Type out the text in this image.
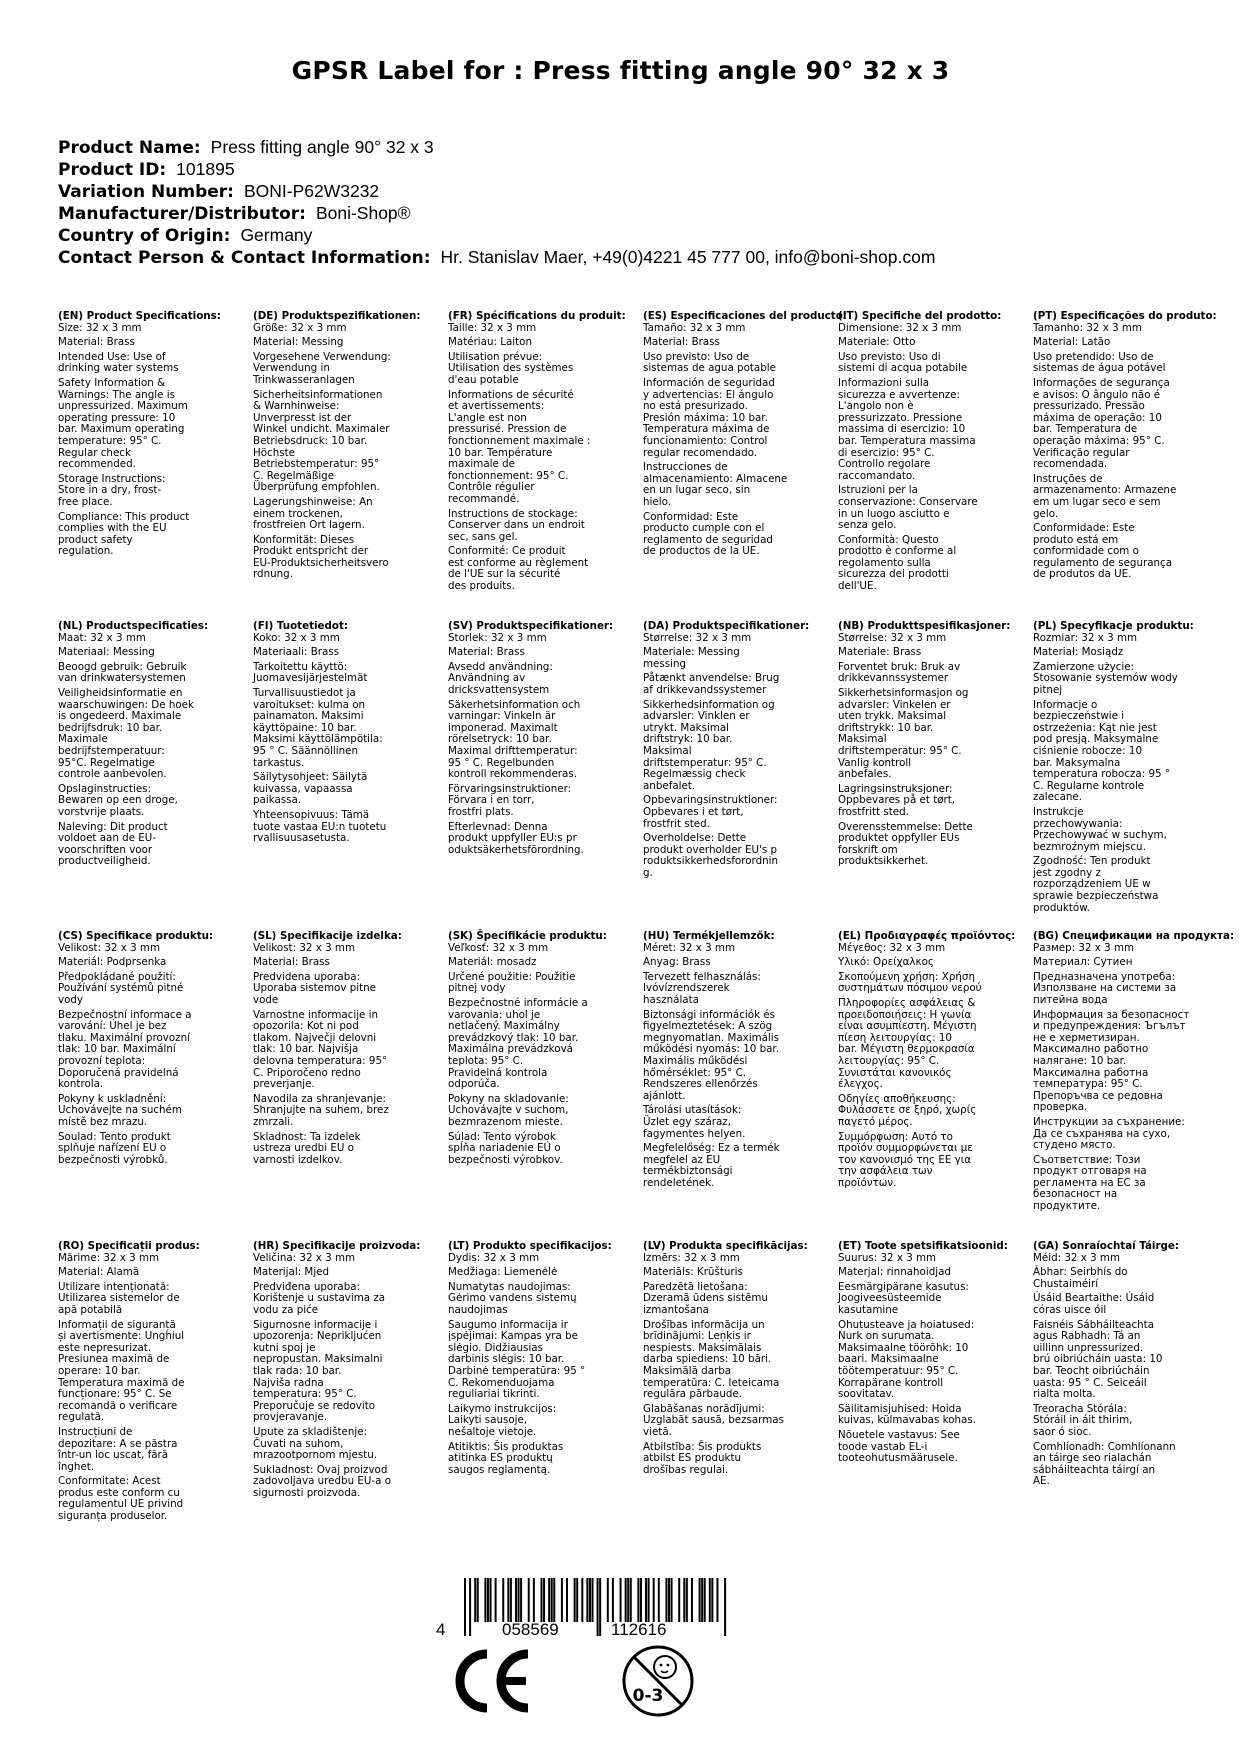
GPSR Label for : Press fitting angle 90° 32 x 3
Product Name: Press fitting angle 90° 32 x 3
Product ID: 101895
Variation Number: BONI-P62W3232
Manufacturer/Distributor: Boni-Shop®
Country of Origin: Germany
Contact Person & Contact Information: Hr. Stanislav Maer, +49(0)4221 45 777 00, info@boni-shop.com
(EN) Product Specifications:
Size: 32 x 3 mm
Material: Brass
Intended Use: Use of
drinking water systems
Safety Information &
Warnings: The angle is
unpressurized. Maximum
operating pressure: 10
bar. Maximum operating
temperature: 95° C.
Regular check
recommended.
Storage Instructions:
Store in a dry, frost-
free place.
Compliance: This product
complies with the EU
product safety
regulation.
(DE) Produktspezifikationen:
Größe: 32 x 3 mm
Material: Messing
Vorgesehene Verwendung:
Verwendung in
Trinkwasseranlagen
Sicherheitsinformationen
& Warnhinweise:
Unverpresst ist der
Winkel undicht. Maximaler
Betriebsdruck: 10 bar.
Höchste
Betriebstemperatur: 95°
C. Regelmäßige
Überprüfung empfohlen.
Lagerungshinweise: An
einem trockenen,
frostfreien Ort lagern.
Konformität: Dieses
Produkt entspricht der
EU-Produktsicherheitsvero
rdnung.
(FR) Spécifications du produit:
Taille: 32 x 3 mm
Matériau: Laiton
Utilisation prévue:
Utilisation des systèmes
d'eau potable
Informations de sécurité
et avertissements:
L'angle est non
pressurisé. Pression de
fonctionnement maximale :
10 bar. Température
maximale de
fonctionnement: 95° C.
Contrôle régulier
recommandé.
Instructions de stockage:
Conserver dans un endroit
sec, sans gel.
Conformité: Ce produit
est conforme au règlement
de l'UE sur la sécurité
des produits.
(ES) Especificaciones del producto:
Tamaño: 32 x 3 mm
Material: Brass
Uso previsto: Uso de
sistemas de agua potable
Información de seguridad
y advertencias: El ángulo
no está presurizado.
Presión máxima: 10 bar.
Temperatura máxima de
funcionamiento: Control
regular recomendado.
Instrucciones de
almacenamiento: Almacene
en un lugar seco, sin
hielo.
Conformidad: Este
producto cumple con el
reglamento de seguridad
de productos de la UE.
(IT) Specifiche del prodotto:
Dimensione: 32 x 3 mm
Materiale: Otto
Uso previsto: Uso di
sistemi di acqua potabile
Informazioni sulla
sicurezza e avvertenze:
L'angolo non è
pressurizzato. Pressione
massima di esercizio: 10
bar. Temperatura massima
di esercizio: 95° C.
Controllo regolare
raccomandato.
Istruzioni per la
conservazione: Conservare
in un luogo asciutto e
senza gelo.
Conformità: Questo
prodotto è conforme al
regolamento sulla
sicurezza dei prodotti
dell'UE.
(PT) Especificações do produto:
Tamanho: 32 x 3 mm
Material: Latão
Uso pretendido: Uso de
sistemas de água potável
Informações de segurança
e avisos: O ângulo não é
pressurizado. Pressão
máxima de operação: 10
bar. Temperatura de
operação máxima: 95° C.
Verificação regular
recomendada.
Instruções de
armazenamento: Armazene
em um lugar seco e sem
gelo.
Conformidade: Este
produto está em
conformidade com o
regulamento de segurança
de produtos da UE.
(NL) Productspecificaties:
Maat: 32 x 3 mm
Materiaal: Messing
Beoogd gebruik: Gebruik
van drinkwatersystemen
Veiligheidsinformatie en
waarschuwingen: De hoek
is ongedeerd. Maximale
bedrijfsdruk: 10 bar.
Maximale
bedrijfstemperatuur:
95°C. Regelmatige
controle aanbevolen.
Opslaginstructies:
Bewaren op een droge,
vorstvrije plaats.
Naleving: Dit product
voldoet aan de EU-
voorschriften voor
productveiligheid.
(FI) Tuotetiedot:
Koko: 32 x 3 mm
Materiaali: Brass
Tarkoitettu käyttö:
Juomavesijärjestelmät
Turvallisuustiedot ja
varoitukset: kulma on
painamaton. Maksimi
käyttöpaine: 10 bar.
Maksimi käyttölämpötila:
95 ° C. Säännöllinen
tarkastus.
Säilytysohjeet: Säilytä
kuivassa, vapaassa
paikassa.
Yhteensopivuus: Tämä
tuote vastaa EU:n tuotetu
rvallisuusasetusta.
(SV) Produktspecifikationer:
Storlek: 32 x 3 mm
Material: Brass
Avsedd användning:
Användning av
dricksvattensystem
Säkerhetsinformation och
varningar: Vinkeln är
imponerad. Maximalt
rörelsetryck: 10 bar.
Maximal drifttemperatur:
95 ° C. Regelbunden
kontroll rekommenderas.
Förvaringsinstruktioner:
Förvara i en torr,
frostfri plats.
Efterlevnad: Denna
produkt uppfyller EU:s pr
oduktsäkerhetsförordning.
(DA) Produktspecifikationer:
Størrelse: 32 x 3 mm
Materiale: Messing
messing
Påtænkt anvendelse: Brug
af drikkevandssystemer
Sikkerhedsinformation og
advarsler: Vinklen er
utrykt. Maksimal
driftstryk: 10 bar.
Maksimal
driftstemperatur: 95° C.
Regelmæssig check
anbefalet.
Opbevaringsinstruktioner:
Opbevares i et tørt,
frostfrit sted.
Overholdelse: Dette
produkt overholder EU's p
roduktsikkerhedsforordnin
g.
(NB) Produkttspesifikasjoner:
Størrelse: 32 x 3 mm
Materiale: Brass
Forventet bruk: Bruk av
drikkevannssystemer
Sikkerhetsinformasjon og
advarsler: Vinkelen er
uten trykk. Maksimal
driftstrykk: 10 bar.
Maksimal
driftstemperatur: 95° C.
Vanlig kontroll
anbefales.
Lagringsinstruksjoner:
Oppbevares på et tørt,
frostfritt sted.
Overensstemmelse: Dette
produktet oppfyller EUs
forskrift om
produktsikkerhet.
(PL) Specyfikacje produktu:
Rozmiar: 32 x 3 mm
Materiał: Mosiądz
Zamierzone użycie:
Stosowanie systemów wody
pitnej
Informacje o
bezpieczeństwie i
ostrzeżenia: Kąt nie jest
pod presją. Maksymalne
ciśnienie robocze: 10
bar. Maksymalna
temperatura robocza: 95 °
C. Regularne kontrole
zalecane.
Instrukcje
przechowywania:
Przechowywać w suchym,
bezmroźnym miejscu.
Zgodność: Ten produkt
jest zgodny z
rozporządzeniem UE w
sprawie bezpieczeństwa
produktów.
(CS) Specifikace produktu:
Velikost: 32 x 3 mm
Materiál: Podprsenka
Předpokládané použití:
Používání systémů pitné
vody
Bezpečnostní informace a
varování: Úhel je bez
tlaku. Maximální provozní
tlak: 10 bar. Maximální
provozní teplota:
Doporučená pravidelná
kontrola.
Pokyny k uskladnění:
Uchovávejte na suchém
místě bez mrazu.
Soulad: Tento produkt
splňuje nařízení EU o
bezpečnosti výrobků.
(SL) Specifikacije izdelka:
Velikost: 32 x 3 mm
Material: Brass
Predvidena uporaba:
Uporaba sistemov pitne
vode
Varnostne informacije in
opozorila: Kot ni pod
tlakom. Največji delovni
tlak: 10 bar. Najvišja
delovna temperatura: 95°
C. Priporočeno redno
preverjanje.
Navodila za shranjevanje:
Shranjujte na suhem, brez
zmrzali.
Skladnost: Ta izdelek
ustreza uredbi EU o
varnosti izdelkov.
(SK) Špecifikácie produktu:
Veľkosť: 32 x 3 mm
Materiál: mosadz
Určené použitie: Použitie
pitnej vody
Bezpečnostné informácie a
varovania: uhol je
netlačený. Maximálny
prevádzkový tlak: 10 bar.
Maximálna prevádzková
teplota: 95° C.
Pravidelná kontrola
odporúča.
Pokyny na skladovanie:
Uchovávajte v suchom,
bezmrazenom mieste.
Súlad: Tento výrobok
spĺňa nariadenie EÚ o
bezpečnosti výrobkov.
(HU) Termékjellemzők:
Méret: 32 x 3 mm
Anyag: Brass
Tervezett felhasználás:
Ivóvízrendszerek
használata
Biztonsági információk és
figyelmeztetések: A szög
megnyomatlan. Maximális
működési nyomás: 10 bar.
Maximális működési
hőmérséklet: 95° C.
Rendszeres ellenőrzés
ajánlott.
Tárolási utasítások:
Üzlet egy száraz,
fagymentes helyen.
Megfelelőség: Ez a termék
megfelel az EU
termékbiztonsági
rendeletének.
(EL) Προδιαγραφές προϊόντος:
Μέγεθος: 32 x 3 mm
Υλικό: Ορείχαλκος
Σκοπούμενη χρήση: Χρήση
συστημάτων πόσιμου νερού
Πληροφορίες ασφάλειας &
προειδοποιήσεις: Η γωνία
είναι ασυμπίεστη. Μέγιστη
πίεση λειτουργίας: 10
bar. Μέγιστη θερμοκρασία
λειτουργίας: 95° C.
Συνιστάται κανονικός
έλεγχος.
Οδηγίες αποθήκευσης:
Φυλάσσετε σε ξηρό, χωρίς
παγετό μέρος.
Συμμόρφωση: Αυτό το
προϊόν συμμορφώνεται με
τον κανονισμό της ΕΕ για
την ασφάλεια των
προϊόντων.
(BG) Спецификации на продукта:
Размер: 32 x 3 mm
Материал: Сутиен
Предназначена употреба:
Използване на системи за
питейна вода
Информация за безопасност
и предупреждения: Ъгълът
не е херметизиран.
Максимално работно
налягане: 10 bar.
Максимална работна
температура: 95° C.
Препоръчва се редовна
проверка.
Инструкции за съхранение:
Да се съхранява на сухо,
студено място.
Съответствие: Този
продукт отговаря на
регламента на ЕС за
безопасност на
продуктите.
(RO) Specificații produs:
Mărime: 32 x 3 mm
Material: Alamă
Utilizare intenționată:
Utilizarea sistemelor de
apă potabilă
Informații de siguranță
și avertismente: Unghiul
este nepresurizat.
Presiunea maximă de
operare: 10 bar.
Temperatura maximă de
funcționare: 95° C. Se
recomandă o verificare
regulată.
Instrucțiuni de
depozitare: A se păstra
într-un loc uscat, fără
înghet.
Conformitate: Acest
produs este conform cu
regulamentul UE privind
siguranța produselor.
(HR) Specifikacije proizvoda:
Veličina: 32 x 3 mm
Materijal: Mjed
Predviđena uporaba:
Korištenje u sustavima za
vodu za piće
Sigurnosne informacije i
upozorenja: Neprikljućen
kutni spoj je
nepropustan. Maksimalni
tlak rada: 10 bar.
Najviša radna
temperatura: 95° C.
Preporučuje se redovito
provjeravanje.
Upute za skladištenje:
Čuvati na suhom,
mrazootpornom mjestu.
Sukladnost: Ovaj proizvod
zadovoljava uredbu EU-a o
sigurnosti proizvoda.
(LT) Produkto specifikacijos:
Dydis: 32 x 3 mm
Medžiaga: Liemenėlė
Numatytas naudojimas:
Gėrimo vandens sistemų
naudojimas
Saugumo informacija ir
įspėjimai: Kampas yra be
slėgio. Didžiausias
darbinis slėgis: 10 bar.
Darbinė temperatūra: 95 °
C. Rekomenduojama
reguliariai tikrinti.
Laikymo instrukcijos:
Laikyti sausoje,
nešaltoje vietoje.
Atitiktis: Šis produktas
atitinka ES produktų
saugos reglamentą.
(LV) Produkta specifikācijas:
Izmērs: 32 x 3 mm
Materiāls: Krūšturis
Paredzētā lietošana:
Dzeramā ūdens sistēmu
izmantošana
Drošības informācija un
brīdinājumi: Leņķis ir
nespiests. Maksimālais
darba spiediens: 10 bāri.
Maksimālā darba
temperatūra: C. Ieteicama
regulāra pārbaude.
Glabāšanas norādījumi:
Uzglabāt sausā, bezsarmas
vietā.
Atbilstība: Šis produkts
atbilst ES produktu
drošības regulai.
(ET) Toote spetsifikatsioonid:
Suurus: 32 x 3 mm
Materjal: rinnahoidjad
Eesmärgipärane kasutus:
Joogiveesüsteemide
kasutamine
Ohutusteave ja hoiatused:
Nurk on surumata.
Maksimaalne töörõhk: 10
baari. Maksimaalne
töötemperatuur: 95° C.
Korrapärane kontroll
soovitatav.
Säilitamisjuhised: Hoida
kuivas, külmavabas kohas.
Nõuetele vastavus: See
toode vastab EL-i
tooteohutusmäärusele.
(GA) Sonraíochtaí Táirge:
Méid: 32 x 3 mm
Ábhar: Seirbhís do
Chustaiméirí
Úsáid Beartaithe: Úsáid
córas uisce óil
Faisnéis Sábháilteachta
agus Rabhadh: Tá an
uillinn unpressurized.
brú oibriúcháin uasta: 10
bar. Teocht oibriúcháin
uasta: 95 ° C. Seiceáil
rialta molta.
Treoracha Stórála:
Stóráil in áit thirim,
saor ó sioc.
Comhlíonadh: Comhlíonann
an táirge seo rialachán
sábháilteachta táirgí an
AE.
4	058569	112616
0-3
